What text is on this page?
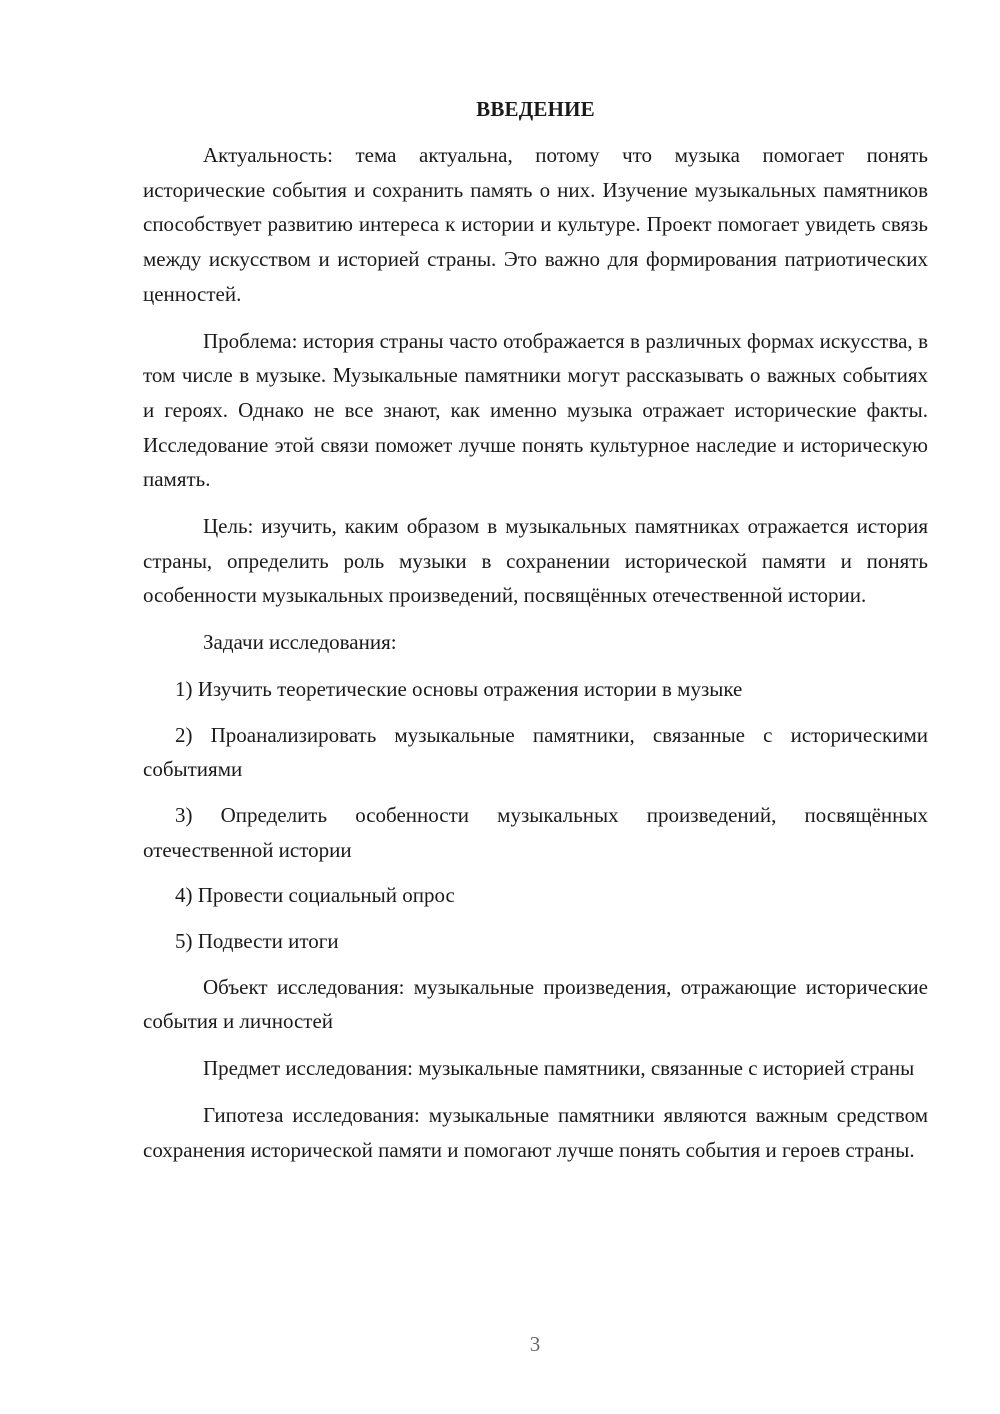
ВВЕДЕНИЕ

Актуальность: тема актуальна, потому что музыка помогает понять исторические события и сохранить память о них. Изучение музыкальных памятников способствует развитию интереса к истории и культуре. Проект помогает увидеть связь между искусством и историей страны. Это важно для формирования патриотических ценностей.

Проблема: история страны часто отображается в различных формах искусства, в том числе в музыке. Музыкальные памятники могут рассказывать о важных событиях и героях. Однако не все знают, как именно музыка отражает исторические факты. Исследование этой связи поможет лучше понять культурное наследие и историческую память.

Цель: изучить, каким образом в музыкальных памятниках отражается история страны, определить роль музыки в сохранении исторической памяти и понять особенности музыкальных произведений, посвящённых отечественной истории.

Задачи исследования:

1) Изучить теоретические основы отражения истории в музыке

2) Проанализировать музыкальные памятники, связанные с историческими событиями

3) Определить особенности музыкальных произведений, посвящённых отечественной истории

4) Провести социальный опрос

5) Подвести итоги

Объект исследования: музыкальные произведения, отражающие исторические события и личностей

Предмет исследования: музыкальные памятники, связанные с историей страны

Гипотеза исследования: музыкальные памятники являются важным средством сохранения исторической памяти и помогают лучше понять события и героев страны.

3
